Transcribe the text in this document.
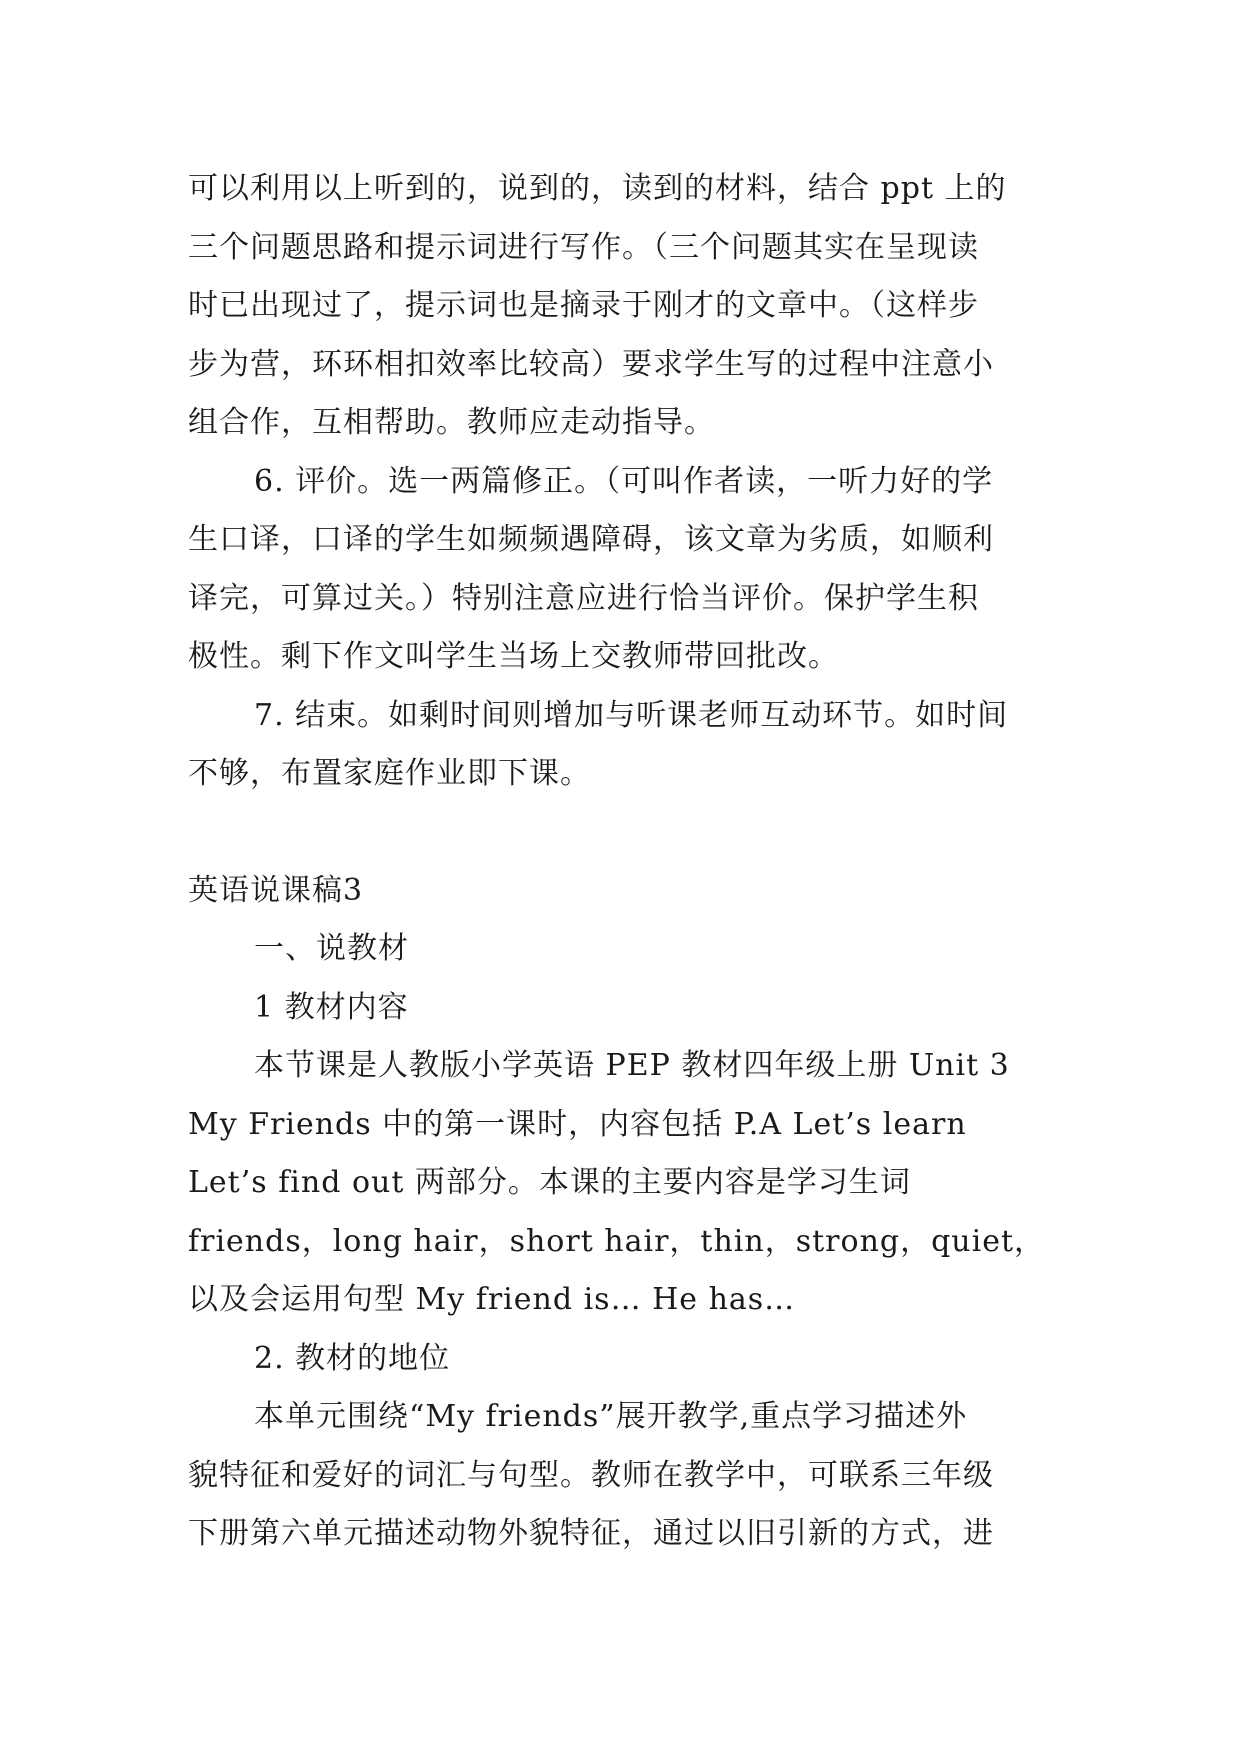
可以利用以上听到的，说到的，读到的材料，结合 ppt 上的
三个问题思路和提示词进行写作。（三个问题其实在呈现读
时已出现过了，提示词也是摘录于刚才的文章中。（这样步
步为营，环环相扣效率比较高）要求学生写的过程中注意小
组合作，互相帮助。教师应走动指导。

6. 评价。选一两篇修正。（可叫作者读，一听力好的学
生口译，口译的学生如频频遇障碍，该文章为劣质，如顺利
译完，可算过关。）特别注意应进行恰当评价。保护学生积
极性。剩下作文叫学生当场上交教师带回批改。

7. 结束。如剩时间则增加与听课老师互动环节。如时间
不够，布置家庭作业即下课。

英语说课稿3
一、说教材
1 教材内容

本节课是人教版小学英语 PEP 教材四年级上册 Unit 3
My Friends 中的第一课时，内容包括 P.A Let’s learn
Let’s find out 两部分。本课的主要内容是学习生词
friends，long hair，short hair，thin，strong，quiet，
以及会运用句型 My friend is… He has…

2. 教材的地位

本单元围绕“My friends”展开教学,重点学习描述外
貌特征和爱好的词汇与句型。教师在教学中，可联系三年级
下册第六单元描述动物外貌特征，通过以旧引新的方式，进
